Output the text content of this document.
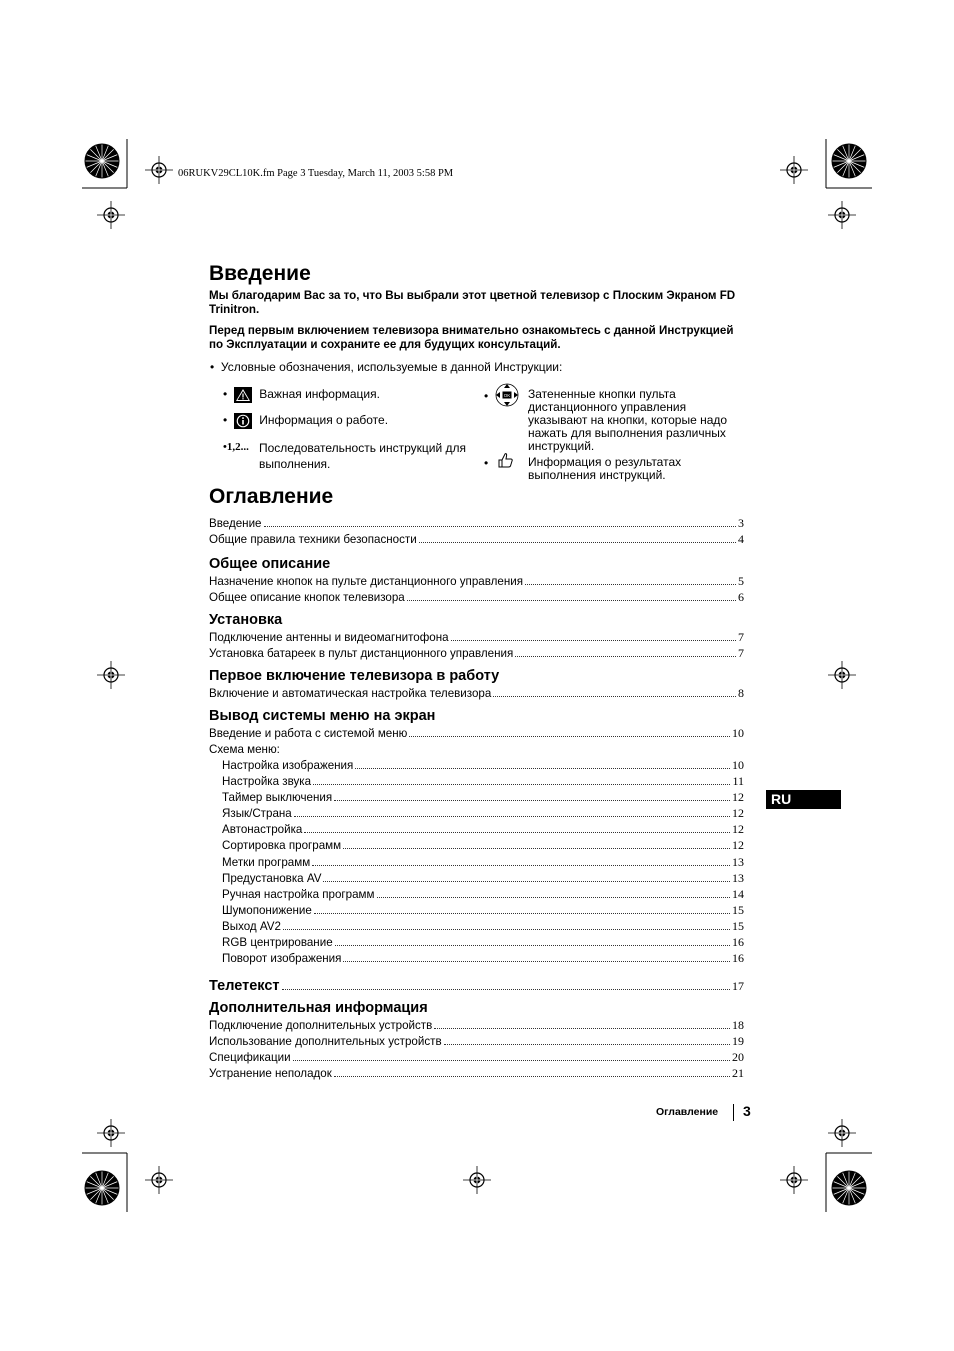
06RUKV29CL10K.fm Page 3 Tuesday, March 11, 2003 5:58 PM
Введение

Мы благодарим Вас за то, что Вы выбрали этот цветной телевизор с Плоским Экраном FD Trinitron.

Перед первым включением телевизора внимательно ознакомьтесь с данной Инструкцией по Эксплуатации и сохраните ее для будущих консультаций.

•  Условные обозначения, используемые в данной Инструкции:
•   Важная информация.
•   Информация о работе.
•1,2... Последовательность инструкций для выполнения.
•	OK Затененные кнопки пульта дистанционного управления указывают на кнопки, которые надо нажать для выполнения различных инструкций.
•	Информация о результатах выполнения инструкций.
Оглавление
Введение	3
Общие правила техники безопасности	4
Общее описание
Назначение кнопок на пульте дистанционного управления	5
Общее описание кнопок телевизора	6
Установка
Подключение антенны и видеомагнитофона	7
Установка батареек в пульт дистанционного управления	7
Первое включение телевизора в работу
Включение и автоматическая настройка телевизора	8
Вывод системы меню на экран
Введение и работа с системой меню	10
Схема меню:
Настройка изображения	10
Настройка звука	11
Таймер выключения	12
Язык/Страна	12
Автонастройка	12
Сортировка программ	12
Метки программ	13
Предустановка AV	13
Ручная настройка программ	14
Шумопонижение	15
Выход AV2	15
RGB центрирование	16
Поворот изображения	16
Телетекст	17
Дополнительная информация
Подключение дополнительных устройств	18
Использование дополнительных устройств	19
Спецификации	20
Устранение неполадок	21
RU
Оглавление 3
